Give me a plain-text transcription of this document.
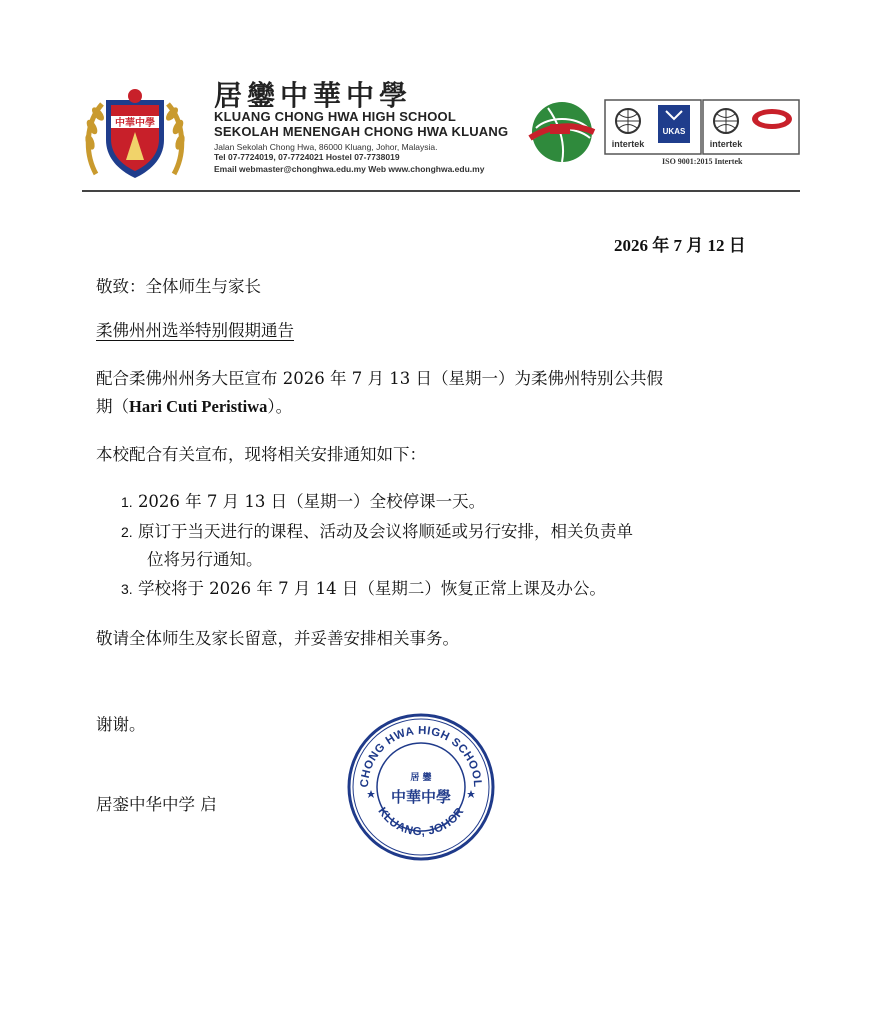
中華中學
居鑾中華中學
KLUANG CHONG HWA HIGH SCHOOL
SEKOLAH MENENGAH CHONG HWA KLUANG
Jalan Sekolah Chong Hwa, 86000 Kluang, Johor, Malaysia.
Tel 07-7724019, 07-7724021 Hostel 07-7738019
Email webmaster@chonghwa.edu.my Web www.chonghwa.edu.my
UKAS
intertek	intertek
ISO 9001:2015 Intertek
2026 年 7 月 12 日
敬致：全体师生与家长
柔佛州州选举特别假期通告
配合柔佛州州务大臣宣布 2026 年 7 月 13 日（星期一）为柔佛州特别公共假
期（Hari Cuti Peristiwa）。
本校配合有关宣布，现将相关安排通知如下：
1. 2026 年 7 月 13 日（星期一）全校停课一天。
2. 原订于当天进行的课程、活动及会议将顺延或另行安排，相关负责单
位将另行通知。
3. 学校将于 2026 年 7 月 14 日（星期二）恢复正常上课及办公。
敬请全体师生及家长留意，并妥善安排相关事务。
谢谢。
居銮中华中学 启
CHONG HWA HIGH SCHOOL
KLUANG, JOHOR
居 鑾
中華中學
